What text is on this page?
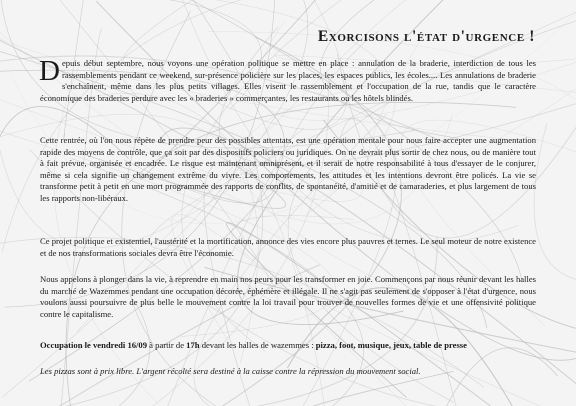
Exorcisons l'état d'urgence !

Depuis début septembre, nous voyons une opération politique se mettre en place : annulation de la braderie, interdiction de tous les rassemblements pendant ce weekend, sur-présence policière sur les places, les espaces publics, les écoles.... Les annulations de braderie s'enchaînent, même dans les plus petits villages. Elles visent le rassemblement et l'occupation de la rue, tandis que le caractère économique des braderies perdure avec les « braderies » commerçantes, les restaurants ou les hôtels blindés.

Cette rentrée, où l'on nous répète de prendre peur des possibles attentats, est une opération mentale pour nous faire accepter une augmentation rapide des moyens de contrôle, que ça soit par des dispositifs policiers ou juridiques. On ne devrait plus sortir de chez nous, ou de manière tout à fait prévue, organisée et encadrée. Le risque est maintenant omniprésent, et il serait de notre responsabilité à tous d'essayer de le conjurer, même si cela signifie un changement extrême du vivre. Les comportements, les attitudes et les intentions devront être policés. La vie se transforme petit à petit en une mort programmée des rapports de conflits, de spontanéité, d'amitié et de camaraderies, et plus largement de tous les rapports non-libéraux.

Ce projet politique et existentiel, l'austérité et la mortification, annonce des vies encore plus pauvres et ternes. Le seul moteur de notre existence et de nos transformations sociales devra être l'économie.

Nous appelons à plonger dans la vie, à reprendre en main nos peurs pour les transformer en joie. Commençons par nous réunir devant les halles du marché de Wazemmes pendant une occupation décorée, éphémère et illégale. Il ne s'agit pas seulement de s'opposer à l'état d'urgence, nous voulons aussi poursuivre de plus belle le mouvement contre la loi travail pour trouver de nouvelles formes de vie et une offensivité politique contre le capitalisme.

Occupation le vendredi 16/09 à partir de 17h devant les halles de wazemmes : pizza, foot, musique, jeux, table de presse

Les pizzas sont à prix libre. L'argent récolté sera destiné à la caisse contre la répression du mouvement social.
